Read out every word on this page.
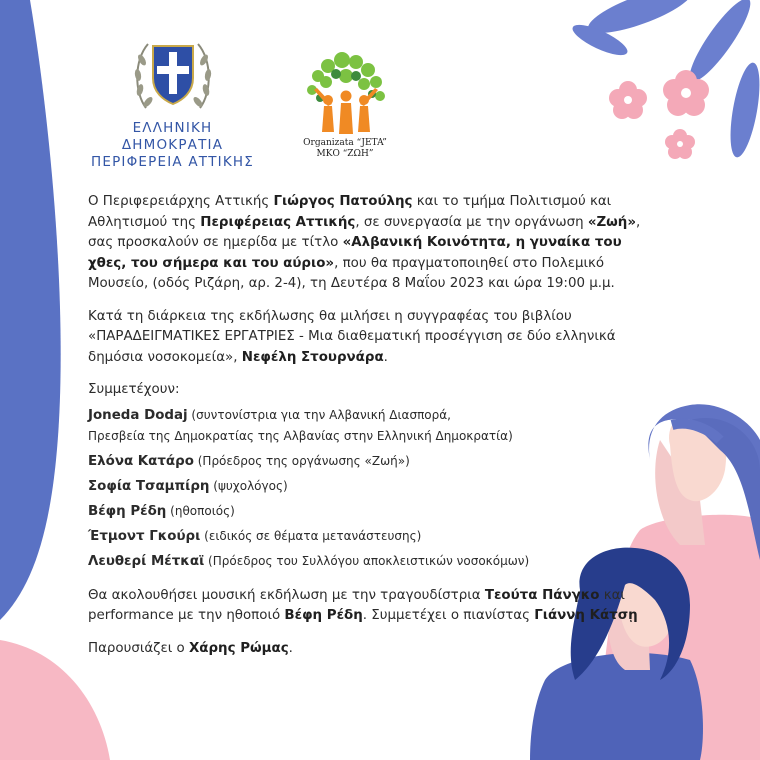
ΕΛΛΗΝΙΚΗ ΔΗΜΟΚΡΑΤΙΑ
ΠΕΡΙΦΕΡΕΙΑ ΑΤΤΙΚΗΣ
Organizata “JETA”
ΜΚΟ “ΖΩΗ”

Ο Περιφερειάρχης Αττικής Γιώργος Πατούλης και το τμήμα Πολιτισμού και Αθλητισμού της Περιφέρειας Αττικής, σε συνεργασία με την οργάνωση «Ζωή», σας προσκαλούν σε ημερίδα με τίτλο «Αλβανική Κοινότητα, η γυναίκα του χθες, του σήμερα και του αύριο», που θα πραγματοποιηθεί στο Πολεμικό Μουσείο, (οδός Ριζάρη, αρ. 2-4), τη Δευτέρα 8 Μαΐου 2023 και ώρα 19:00 μ.μ.

Κατά τη διάρκεια της εκδήλωσης θα μιλήσει η συγγραφέας του βιβλίου «ΠΑΡΑΔΕΙΓΜΑΤΙΚΕΣ ΕΡΓΑΤΡΙΕΣ - Μια διαθεματική προσέγγιση σε δύο ελληνικά δημόσια νοσοκομεία», Νεφέλη Στουρνάρα.

Συμμετέχουν:
Joneda Dodaj (συντονίστρια για την Αλβανική Διασπορά,
Πρεσβεία της Δημοκρατίας της Αλβανίας στην Ελληνική Δημοκρατία)
Ελόνα Κατάρο (Πρόεδρος της οργάνωσης «Ζωή»)
Σοφία Τσαμπίρη (ψυχολόγος)
Βέφη Ρέδη (ηθοποιός)
Έτμοντ Γκούρι (ειδικός σε θέματα μετανάστευσης)
Λευθερί Μέτκαϊ (Πρόεδρος του Συλλόγου αποκλειστικών νοσοκόμων)

Θα ακολουθήσει μουσική εκδήλωση με την τραγουδίστρια Τεούτα Πάνγκο και performance με την ηθοποιό Βέφη Ρέδη. Συμμετέχει ο πιανίστας Γιάννη Κάτσῃ

Παρουσιάζει ο Χάρης Ρώμας.
